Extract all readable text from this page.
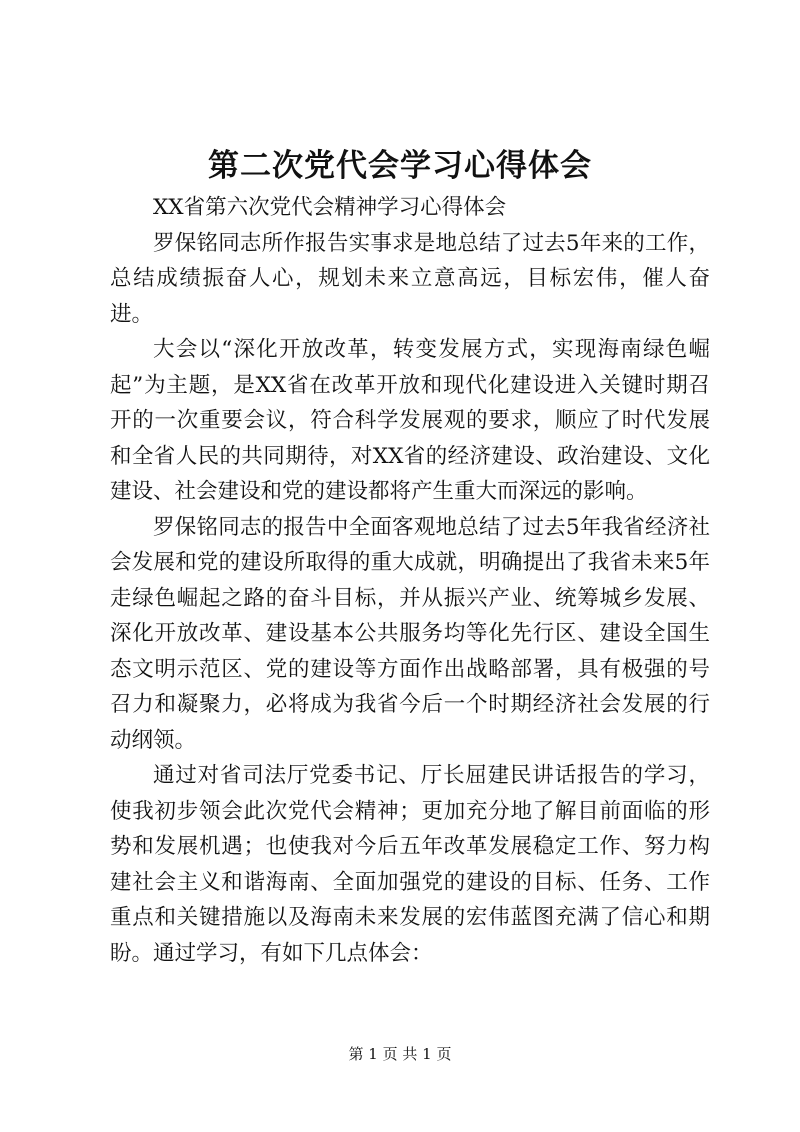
第二次党代会学习心得体会

XX省第六次党代会精神学习心得体会

罗保铭同志所作报告实事求是地总结了过去5年来的工作，总结成绩振奋人心，规划未来立意高远，目标宏伟，催人奋进。

大会以“深化开放改革，转变发展方式，实现海南绿色崛起”为主题，是XX省在改革开放和现代化建设进入关键时期召开的一次重要会议，符合科学发展观的要求，顺应了时代发展和全省人民的共同期待，对XX省的经济建设、政治建设、文化建设、社会建设和党的建设都将产生重大而深远的影响。

罗保铭同志的报告中全面客观地总结了过去5年我省经济社会发展和党的建设所取得的重大成就，明确提出了我省未来5年走绿色崛起之路的奋斗目标，并从振兴产业、统筹城乡发展、深化开放改革、建设基本公共服务均等化先行区、建设全国生态文明示范区、党的建设等方面作出战略部署，具有极强的号召力和凝聚力，必将成为我省今后一个时期经济社会发展的行动纲领。

通过对省司法厅党委书记、厅长屈建民讲话报告的学习，使我初步领会此次党代会精神；更加充分地了解目前面临的形势和发展机遇；也使我对今后五年改革发展稳定工作、努力构建社会主义和谐海南、全面加强党的建设的目标、任务、工作重点和关键措施以及海南未来发展的宏伟蓝图充满了信心和期盼。通过学习，有如下几点体会：

第 1 页 共 1 页
